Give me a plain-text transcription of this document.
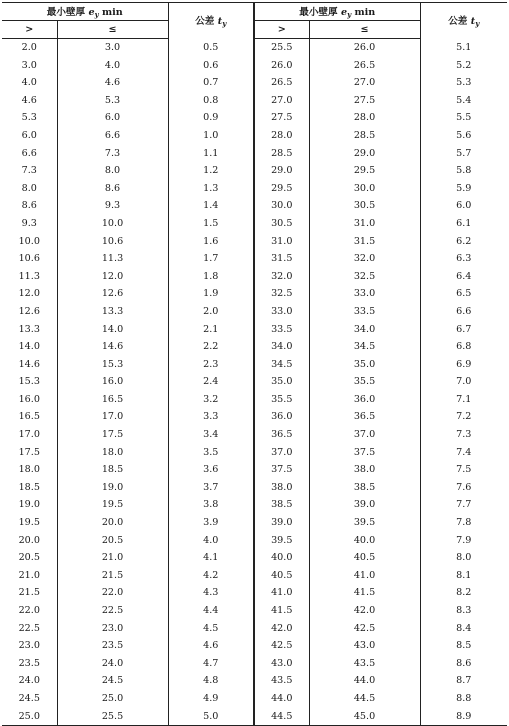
最小壁厚 $e_y$ min		公差 $t_y$	最小壁厚 $e_y$ min		公差 $t_y$
>	≤		>	≤	
2.0	3.0	0.5	25.5	26.0	5.1
3.0	4.0	0.6	26.0	26.5	5.2
4.0	4.6	0.7	26.5	27.0	5.3
4.6	5.3	0.8	27.0	27.5	5.4
5.3	6.0	0.9	27.5	28.0	5.5
6.0	6.6	1.0	28.0	28.5	5.6
6.6	7.3	1.1	28.5	29.0	5.7
7.3	8.0	1.2	29.0	29.5	5.8
8.0	8.6	1.3	29.5	30.0	5.9
8.6	9.3	1.4	30.0	30.5	6.0
9.3	10.0	1.5	30.5	31.0	6.1
10.0	10.6	1.6	31.0	31.5	6.2
10.6	11.3	1.7	31.5	32.0	6.3
11.3	12.0	1.8	32.0	32.5	6.4
12.0	12.6	1.9	32.5	33.0	6.5
12.6	13.3	2.0	33.0	33.5	6.6
13.3	14.0	2.1	33.5	34.0	6.7
14.0	14.6	2.2	34.0	34.5	6.8
14.6	15.3	2.3	34.5	35.0	6.9
15.3	16.0	2.4	35.0	35.5	7.0
16.0	16.5	3.2	35.5	36.0	7.1
16.5	17.0	3.3	36.0	36.5	7.2
17.0	17.5	3.4	36.5	37.0	7.3
17.5	18.0	3.5	37.0	37.5	7.4
18.0	18.5	3.6	37.5	38.0	7.5
18.5	19.0	3.7	38.0	38.5	7.6
19.0	19.5	3.8	38.5	39.0	7.7
19.5	20.0	3.9	39.0	39.5	7.8
20.0	20.5	4.0	39.5	40.0	7.9
20.5	21.0	4.1	40.0	40.5	8.0
21.0	21.5	4.2	40.5	41.0	8.1
21.5	22.0	4.3	41.0	41.5	8.2
22.0	22.5	4.4	41.5	42.0	8.3
22.5	23.0	4.5	42.0	42.5	8.4
23.0	23.5	4.6	42.5	43.0	8.5
23.5	24.0	4.7	43.0	43.5	8.6
24.0	24.5	4.8	43.5	44.0	8.7
24.5	25.0	4.9	44.0	44.5	8.8
25.0	25.5	5.0	44.5	45.0	8.9
